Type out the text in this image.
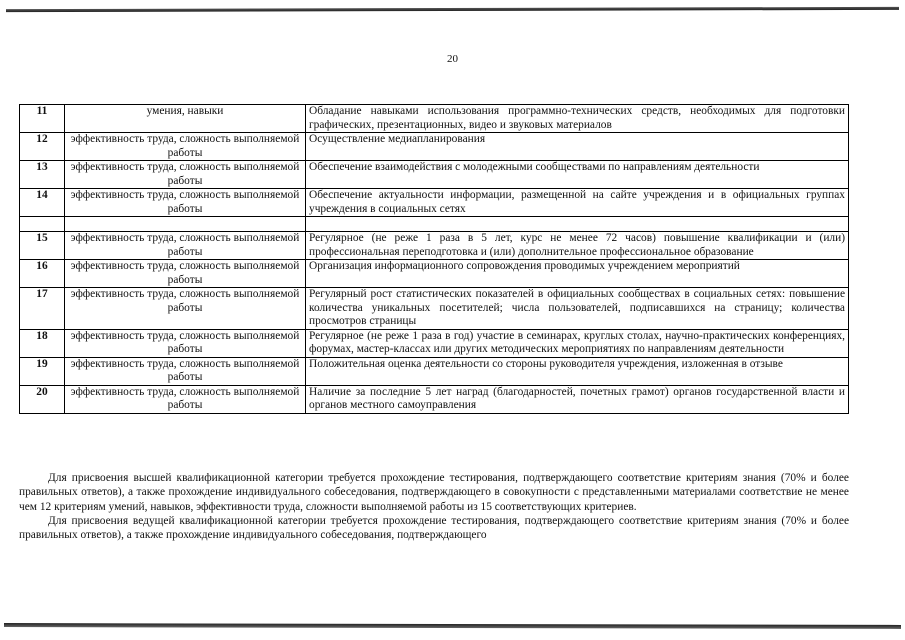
20
11	умения, навыки	Обладание навыками использования программно-технических средств, необходимых для подготовки графических, презентационных, видео и звуковых материалов
12	эффективность труда, сложность выполняемой работы	Осуществление медиапланирования
13	эффективность труда, сложность выполняемой работы	Обеспечение взаимодействия с молодежными сообществами по направлениям деятельности
14	эффективность труда, сложность выполняемой работы	Обеспечение актуальности информации, размещенной на сайте учреждения и в официальных группах учреждения в социальных сетях

15	эффективность труда, сложность выполняемой работы	Регулярное (не реже 1 раза в 5 лет, курс не менее 72 часов) повышение квалификации и (или) профессиональная переподготовка и (или) дополнительное профессиональное образование
16	эффективность труда, сложность выполняемой работы	Организация информационного сопровождения проводимых учреждением мероприятий
17	эффективность труда, сложность выполняемой работы	Регулярный рост статистических показателей в официальных сообществах в социальных сетях: повышение количества уникальных посетителей; числа пользователей, подписавшихся на страницу; количества просмотров страницы
18	эффективность труда, сложность выполняемой работы	Регулярное (не реже 1 раза в год) участие в семинарах, круглых столах, научно-практических конференциях, форумах, мастер-классах или других методических мероприятиях по направлениям деятельности
19	эффективность труда, сложность выполняемой работы	Положительная оценка деятельности со стороны руководителя учреждения, изложенная в отзыве
20	эффективность труда, сложность выполняемой работы	Наличие за последние 5 лет наград (благодарностей, почетных грамот) органов государственной власти и органов местного самоуправления

Для присвоения высшей квалификационной категории требуется прохождение тестирования, подтверждающего соответствие критериям знания (70% и более правильных ответов), а также прохождение индивидуального собеседования, подтверждающего в совокупности с представленными материалами соответствие не менее чем 12 критериям умений, навыков, эффективности труда, сложности выполняемой работы из 15 соответствующих критериев.

Для присвоения ведущей квалификационной категории требуется прохождение тестирования, подтверждающего соответствие критериям знания (70% и более правильных ответов), а также прохождение индивидуального собеседования, подтверждающего
